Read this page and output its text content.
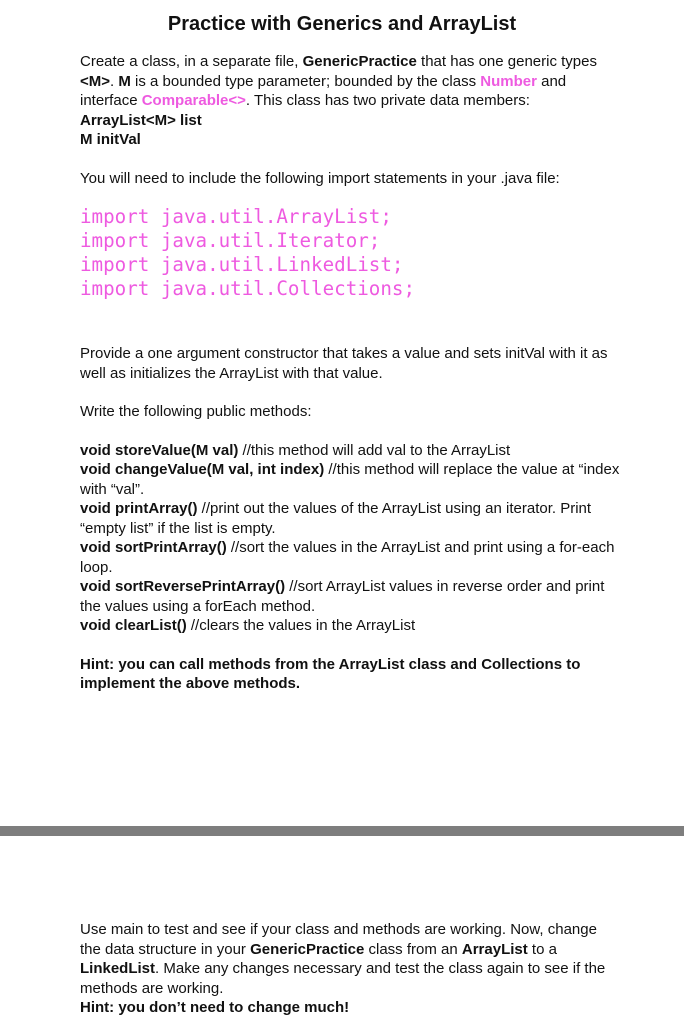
Practice with Generics and ArrayList

Create a class, in a separate file, GenericPractice that has one generic types <M>. M is a bounded type parameter; bounded by the class Number and interface Comparable<>. This class has two private data members:

ArrayList<M> list

M initVal

You will need to include the following import statements in your .java file:

import java.util.ArrayList;
import java.util.Iterator;
import java.util.LinkedList;
import java.util.Collections;

Provide a one argument constructor that takes a value and sets initVal with it as well as initializes the ArrayList with that value.

Write the following public methods:

void storeValue(M val) //this method will add val to the ArrayList

void changeValue(M val, int index) //this method will replace the value at “index with “val”.

void printArray() //print out the values of the ArrayList using an iterator. Print “empty list” if the list is empty.

void sortPrintArray() //sort the values in the ArrayList and print using a for-each loop.

void sortReversePrintArray() //sort ArrayList values in reverse order and print the values using a forEach method.

void clearList() //clears the values in the ArrayList

Hint: you can call methods from the ArrayList class and Collections to implement the above methods.

Use main to test and see if your class and methods are working. Now, change the data structure in your GenericPractice class from an ArrayList to a LinkedList. Make any changes necessary and test the class again to see if the methods are working.

Hint: you don’t need to change much!
